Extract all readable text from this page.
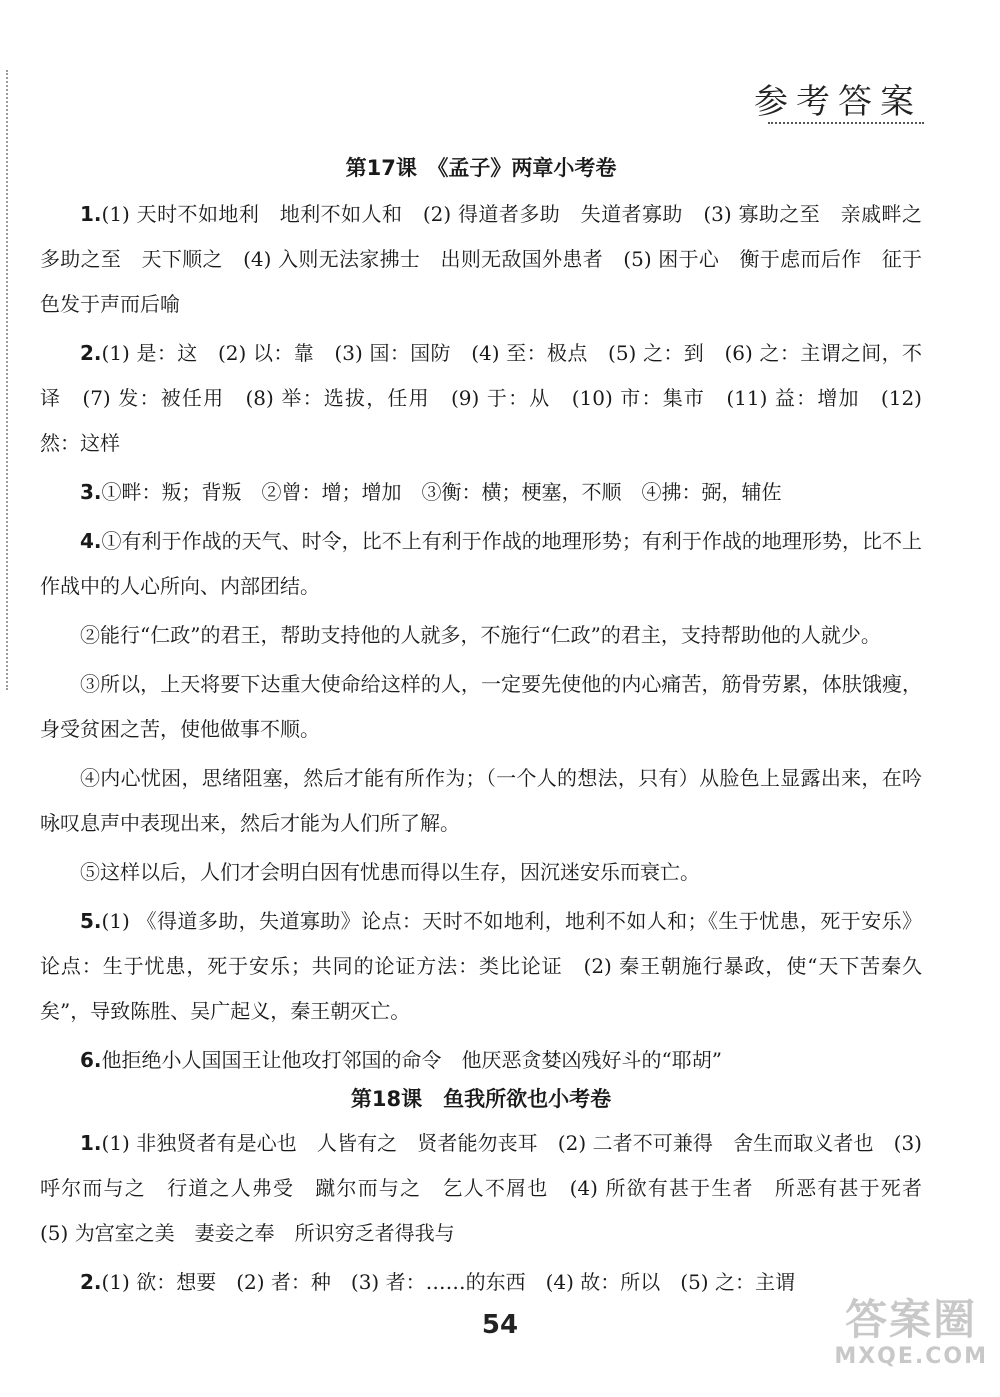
参考答案
第17课　《孟子》两章小考卷

1.(1) 天时不如地利　地利不如人和　(2) 得道者多助　失道者寡助　(3) 寡助之至　亲戚畔之　多助之至　天下顺之　(4) 入则无法家拂士　出则无敌国外患者　(5) 困于心　衡于虑而后作　征于色发于声而后喻

2.(1) 是：这　(2) 以：靠　(3) 国：国防　(4) 至：极点　(5) 之：到　(6) 之：主谓之间，不译　(7) 发：被任用　(8) 举：选拔，任用　(9) 于：从　(10) 市：集市　(11) 益：增加　(12) 然：这样

3.①畔：叛；背叛　②曾：增；增加　③衡：横；梗塞，不顺　④拂：弼，辅佐

4.①有利于作战的天气、时令，比不上有利于作战的地理形势；有利于作战的地理形势，比不上作战中的人心所向、内部团结。

②能行“仁政”的君王，帮助支持他的人就多，不施行“仁政”的君主，支持帮助他的人就少。

③所以，上天将要下达重大使命给这样的人，一定要先使他的内心痛苦，筋骨劳累，体肤饿瘦，身受贫困之苦，使他做事不顺。

④内心忧困，思绪阻塞，然后才能有所作为；（一个人的想法，只有）从脸色上显露出来，在吟咏叹息声中表现出来，然后才能为人们所了解。

⑤这样以后，人们才会明白因有忧患而得以生存，因沉迷安乐而衰亡。

5.(1) 《得道多助，失道寡助》论点：天时不如地利，地利不如人和；《生于忧患，死于安乐》论点：生于忧患，死于安乐；共同的论证方法：类比论证　(2) 秦王朝施行暴政，使“天下苦秦久矣”，导致陈胜、吴广起义，秦王朝灭亡。

6.他拒绝小人国国王让他攻打邻国的命令　他厌恶贪婪凶残好斗的“耶胡”

第18课　鱼我所欲也小考卷

1.(1) 非独贤者有是心也　人皆有之　贤者能勿丧耳　(2) 二者不可兼得　舍生而取义者也　(3) 呼尔而与之　行道之人弗受　蹴尔而与之　乞人不屑也　(4) 所欲有甚于生者　所恶有甚于死者　(5) 为宫室之美　妻妾之奉　所识穷乏者得我与

2.(1) 欲：想要　(2) 者：种　(3) 者：……的东西　(4) 故：所以　(5) 之：主谓

54	答案圈
MXQE.COM
